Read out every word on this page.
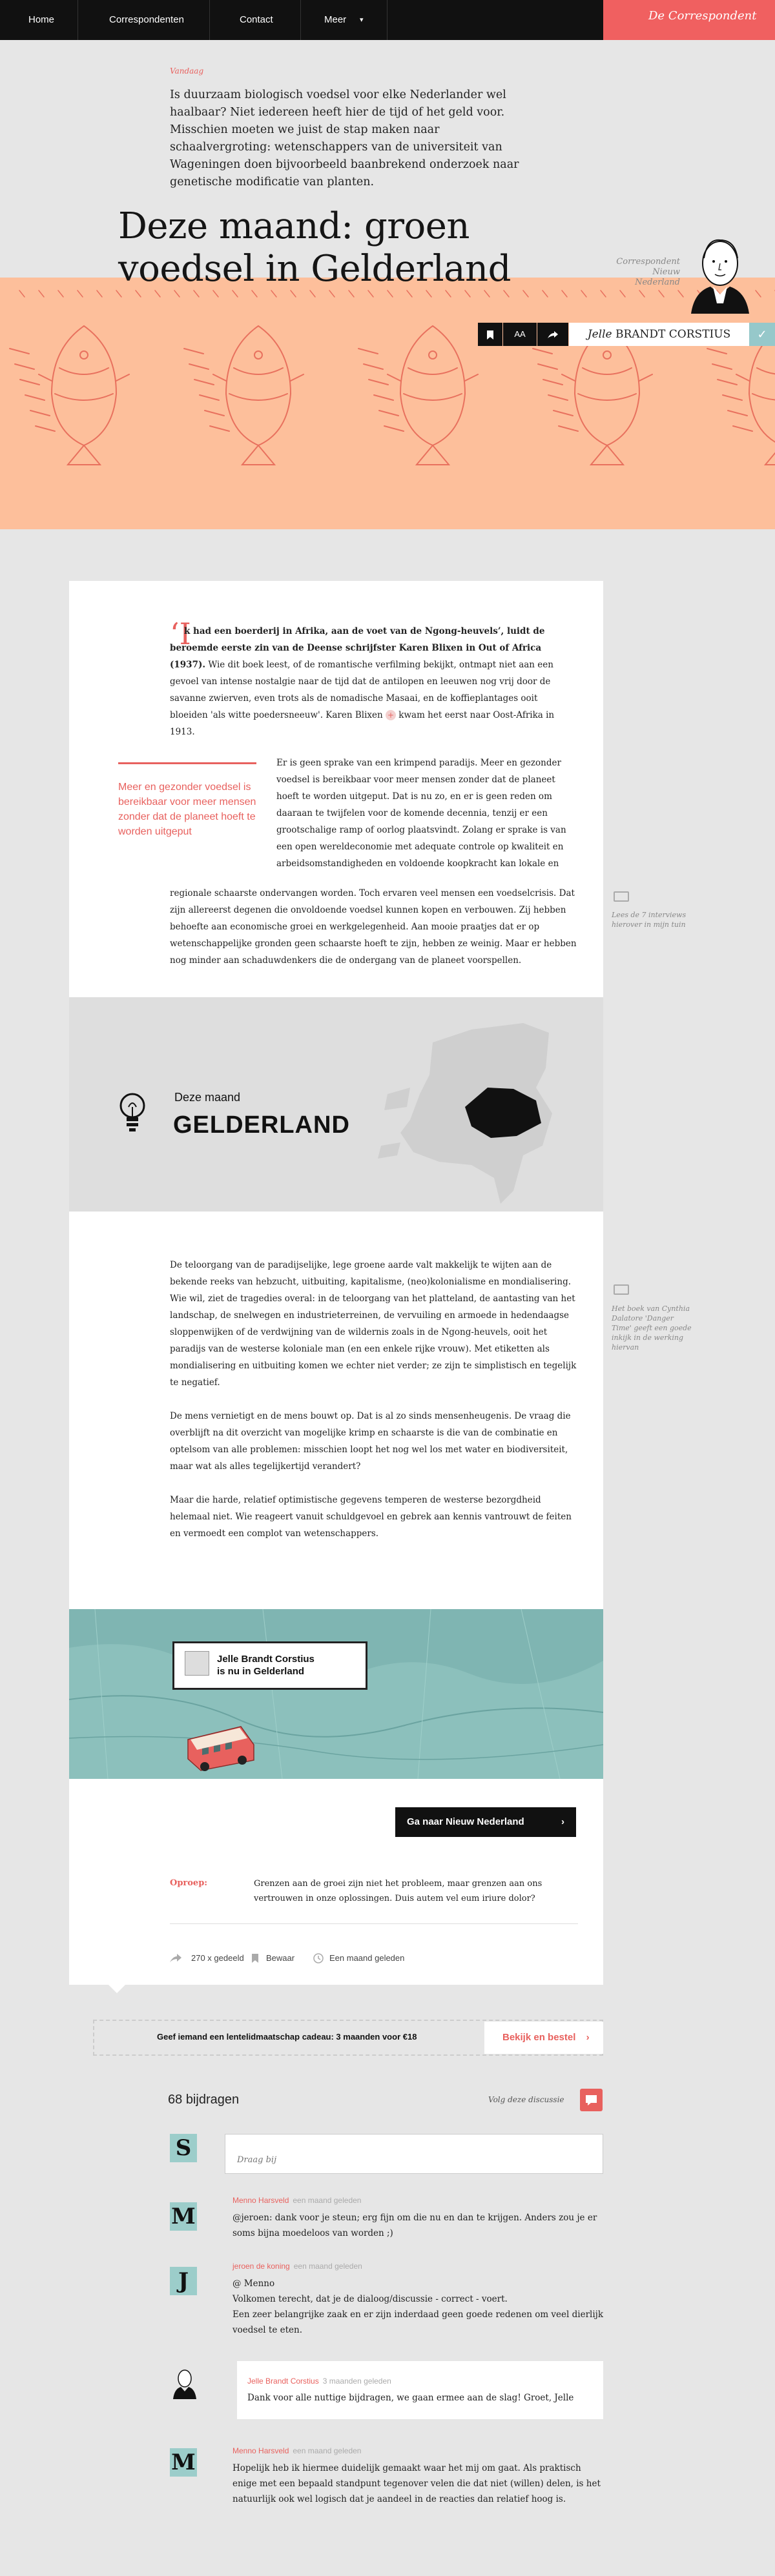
Home	Correspondenten	Contact	Meer ▾	De Correspondent
Vandaag
Is duurzaam biologisch voedsel voor elke Nederlander wel haalbaar? Niet iedereen heeft hier de tijd of het geld voor. Misschien moeten we juist de stap maken naar schaalvergroting: wetenschappers van de universiteit van Wageningen doen bijvoorbeeld baanbrekend onderzoek naar genetische modificatie van planten.
Deze maand: groen voedsel in Gelderland	Correspondent
Nieuw
Nederland
AA	Jelle BRANDT CORSTIUS	✓
‘I
k had een boerderij in Afrika, aan de voet van de Ngong-heuvels’, luidt de beroemde eerste zin van de Deense schrijfster Karen Blixen in Out of Africa (1937). Wie dit boek leest, of de romantische verfilming bekijkt, ontmapt niet aan een gevoel van intense nostalgie naar de tijd dat de antilopen en leeuwen nog vrij door de savanne zwierven, even trots als de nomadische Masaai, en de koffieplantages ooit bloeiden 'als witte poedersneeuw'. Karen Blixen + kwam het eerst naar Oost-Afrika in 1913.
Meer en gezonder voedsel is bereikbaar voor meer mensen zonder dat de planeet hoeft te worden uitgeput
Er is geen sprake van een krimpend paradijs. Meer en gezonder voedsel is bereikbaar voor meer mensen zonder dat de planeet hoeft te worden uitgeput. Dat is nu zo, en er is geen reden om daaraan te twijfelen voor de komende decennia, tenzij er een grootschalige ramp of oorlog plaatsvindt. Zolang er sprake is van een open wereldeconomie met adequate controle op kwaliteit en arbeidsomstandigheden en voldoende koopkracht kan lokale en
regionale schaarste ondervangen worden. Toch ervaren veel mensen een voedselcrisis. Dat zijn allereerst degenen die onvoldoende voedsel kunnen kopen en verbouwen. Zij hebben behoefte aan economische groei en werkgelegenheid. Aan mooie praatjes dat er op wetenschappelijke gronden geen schaarste hoeft te zijn, hebben ze weinig. Maar er hebben nog minder aan schaduwdenkers die de ondergang van de planeet voorspellen.
Lees de 7 interviews hierover in mijn tuin
Deze maand
GELDERLAND

De teloorgang van de paradijselijke, lege groene aarde valt makkelijk te wijten aan de bekende reeks van hebzucht, uitbuiting, kapitalisme, (neo)kolonialisme en mondialisering. Wie wil, ziet de tragedies overal: in de teloorgang van het platteland, de aantasting van het landschap, de snelwegen en industrieterreinen, de vervuiling en armoede in hedendaagse sloppenwijken of de verdwijning van de wildernis zoals in de Ngong-heuvels, ooit het paradijs van de westerse koloniale man (en een enkele rijke vrouw). Met etiketten als mondialisering en uitbuiting komen we echter niet verder; ze zijn te simplistisch en tegelijk te negatief.

De mens vernietigt en de mens bouwt op. Dat is al zo sinds mensenheugenis. De vraag die overblijft na dit overzicht van mogelijke krimp en schaarste is die van de combinatie en optelsom van alle problemen: misschien loopt het nog wel los met water en biodiversiteit, maar wat als alles tegelijkertijd verandert?

Maar die harde, relatief optimistische gegevens temperen de westerse bezorgdheid helemaal niet. Wie reageert vanuit schuldgevoel en gebrek aan kennis vantrouwt de feiten en vermoedt een complot van wetenschappers.

Het boek van Cynthia Dalatore 'Danger Time' geeft een goede inkijk in de werking hiervan
Jelle Brandt Corstius
is nu in Gelderland
Ga naar Nieuw Nederland	›
Oproep:	Grenzen aan de groei zijn niet het probleem, maar grenzen aan ons vertrouwen in onze oplossingen. Duis autem vel eum iriure dolor?
270 x gedeeld	Bewaar	Een maand geleden
Geef iemand een lentelidmaatschap cadeau: 3 maanden voor €18	Bekijk en bestel ›
68 bijdragen	Volg deze discussie
S
Draag bij
M
Menno Harsveld een maand geleden
@jeroen: dank voor je steun; erg fijn om die nu en dan te krijgen. Anders zou je er soms bijna moedeloos van worden ;)
J
jeroen de koning een maand geleden
@ Menno
Volkomen terecht, dat je de dialoog/discussie - correct - voert.
Een zeer belangrijke zaak en er zijn inderdaad geen goede redenen om veel dierlijk voedsel te eten.
Jelle Brandt Corstius 3 maanden geleden
Dank voor alle nuttige bijdragen, we gaan ermee aan de slag! Groet, Jelle
M	Menno Harsveld een maand geleden
Hopelijk heb ik hiermee duidelijk gemaakt waar het mij om gaat. Als praktisch enige met een bepaald standpunt tegenover velen die dat niet (willen) delen, is het natuurlijk ook wel logisch dat je aandeel in de reacties dan relatief hoog is.
